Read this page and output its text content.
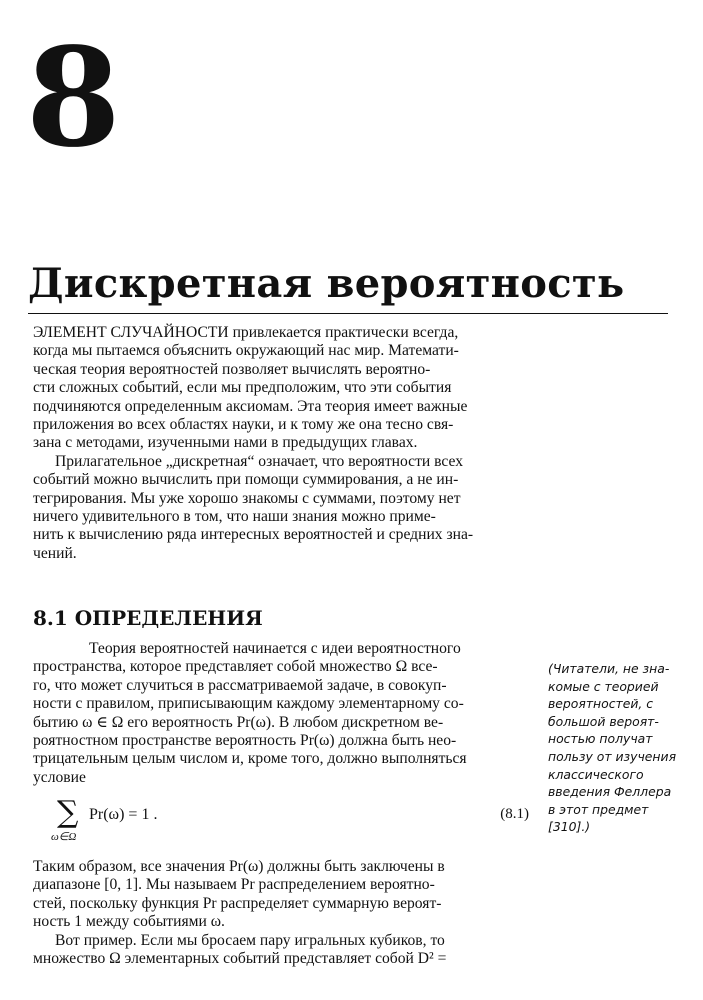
8
Дискретная вероятность
ЭЛЕМЕНТ СЛУЧАЙНОСТИ привлекается практически всегда,
когда мы пытаемся объяснить окружающий нас мир. Математи-
ческая теория вероятностей позволяет вычислять вероятно-
сти сложных событий, если мы предположим, что эти события
подчиняются определенным аксиомам. Эта теория имеет важные
приложения во всех областях науки, и к тому же она тесно свя-
зана с методами, изученными нами в предыдущих главах.
Прилагательное „дискретная“ означает, что вероятности всех
событий можно вычислить при помощи суммирования, а не ин-
тегрирования. Мы уже хорошо знакомы с суммами, поэтому нет
ничего удивительного в том, что наши знания можно приме-
нить к вычислению ряда интересных вероятностей и средних зна-
чений.
8.1 ОПРЕДЕЛЕНИЯ
Теория вероятностей начинается с идеи вероятностного
пространства, которое представляет собой множество Ω все-
го, что может случиться в рассматриваемой задаче, в совокуп-
ности с правилом, приписывающим каждому элементарному со-
бытию ω ∈ Ω его вероятность Pr(ω). В любом дискретном ве-
роятностном пространстве вероятность Pr(ω) должна быть нео-
трицательным целым числом и, кроме того, должно выполняться
условие
∑
ω∈Ω
Pr(ω) = 1 .	(8.1)
Таким образом, все значения Pr(ω) должны быть заключены в
диапазоне [0, 1]. Мы называем Pr распределением вероятно-
стей, поскольку функция Pr распределяет суммарную вероят-
ность 1 между событиями ω.
Вот пример. Если мы бросаем пару игральных кубиков, то
множество Ω элементарных событий представляет собой D² =
(Читатели, не зна-
комые с теорией
вероятностей, с
большой вероят-
ностью получат
пользу от изучения
классического
введения Феллера
в этот предмет
[310].)
